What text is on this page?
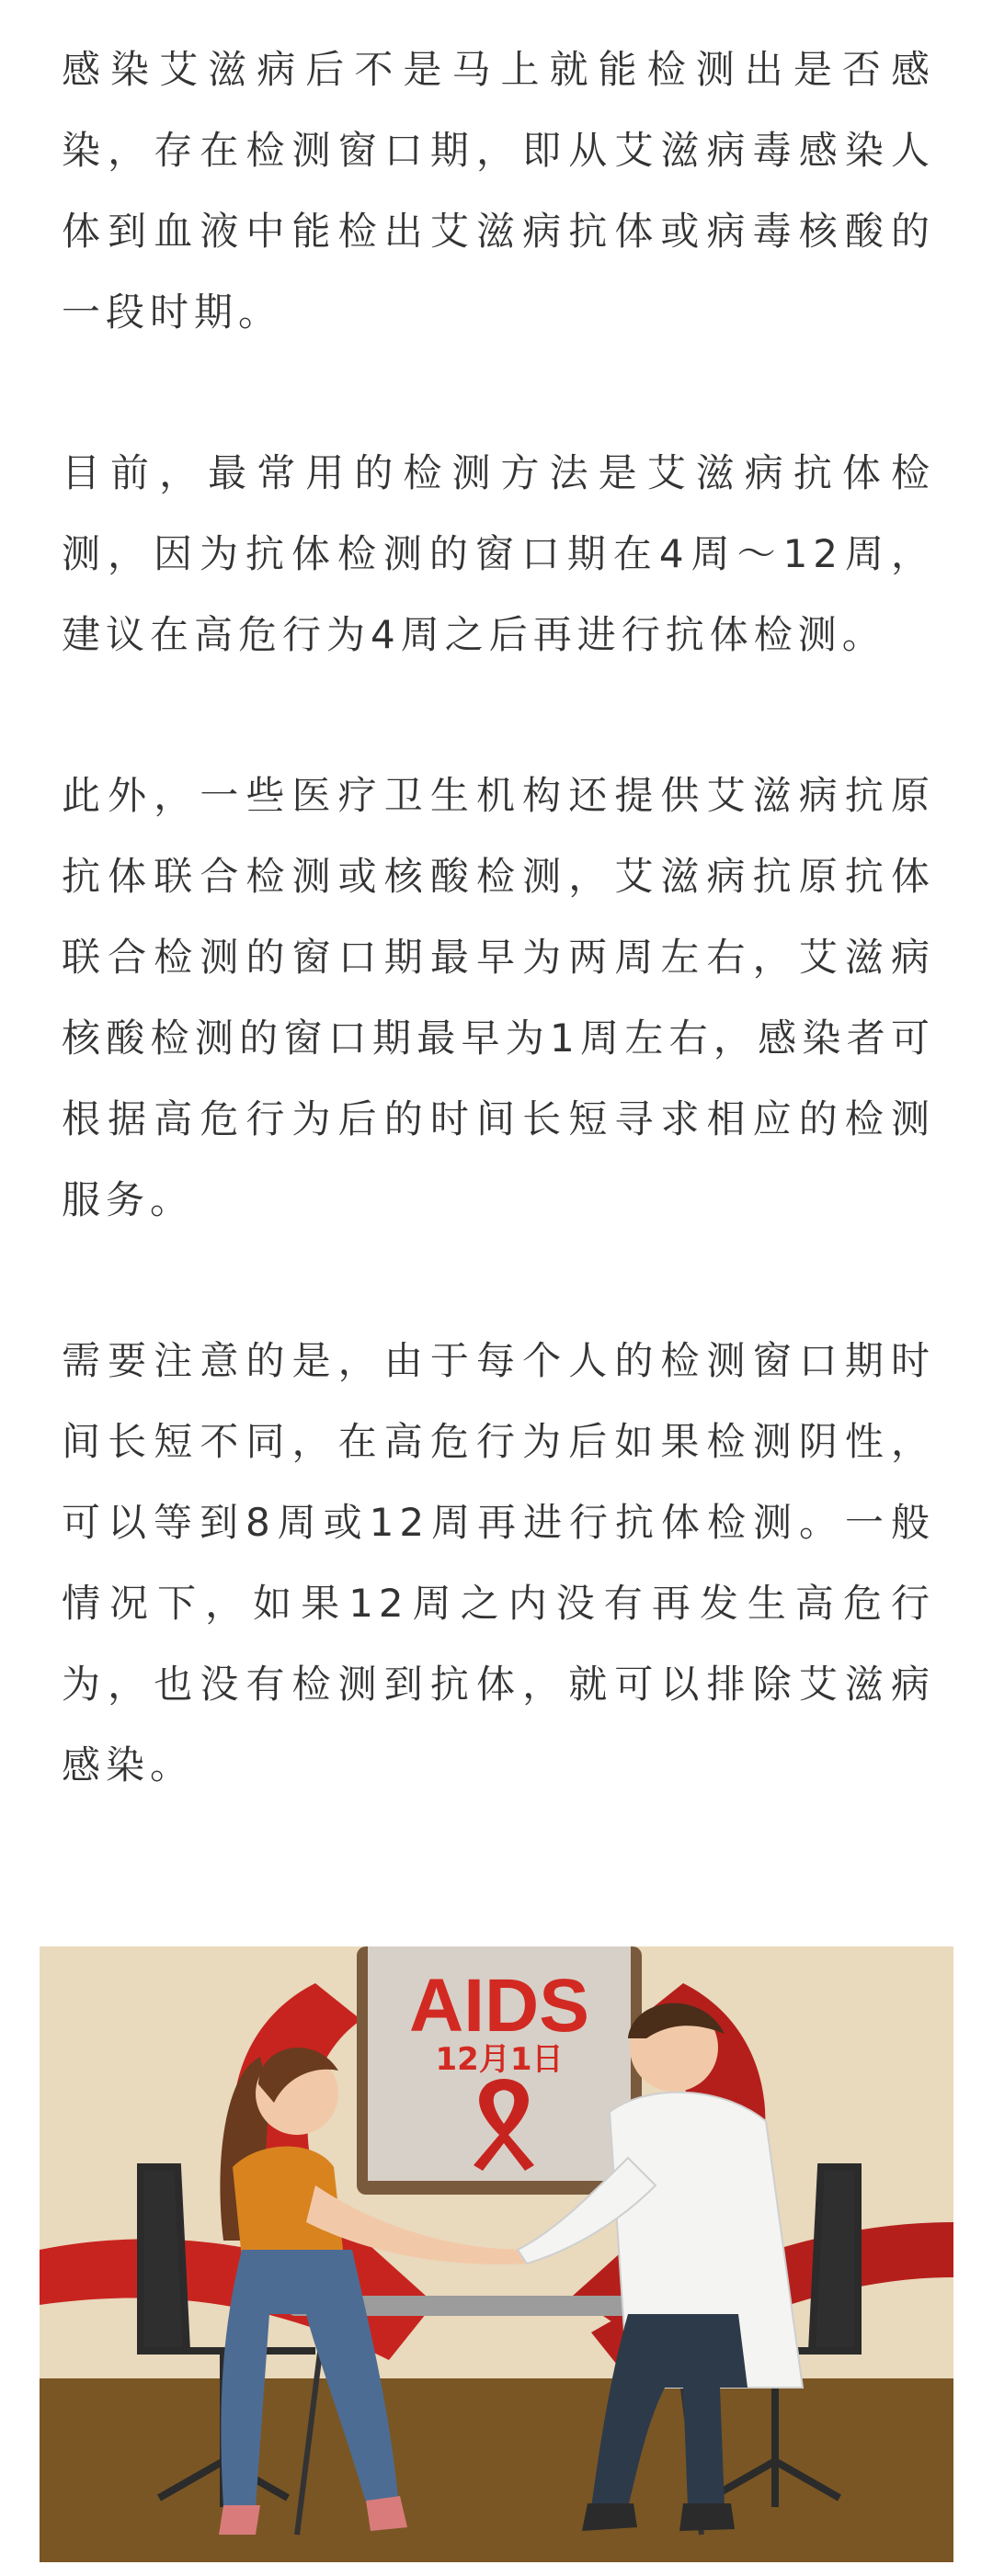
感染艾滋病后不是马上就能检测出是否感染，存在检测窗口期，即从艾滋病毒感染人体到血液中能检出艾滋病抗体或病毒核酸的一段时期。

目前，最常用的检测方法是艾滋病抗体检测，因为抗体检测的窗口期在4周～12周，建议在高危行为4周之后再进行抗体检测。

此外，一些医疗卫生机构还提供艾滋病抗原抗体联合检测或核酸检测，艾滋病抗原抗体联合检测的窗口期最早为两周左右，艾滋病核酸检测的窗口期最早为1周左右，感染者可根据高危行为后的时间长短寻求相应的检测服务。

需要注意的是，由于每个人的检测窗口期时间长短不同，在高危行为后如果检测阴性，可以等到8周或12周再进行抗体检测。一般情况下，如果12周之内没有再发生高危行为，也没有检测到抗体，就可以排除艾滋病感染。

AIDS
12月1日
